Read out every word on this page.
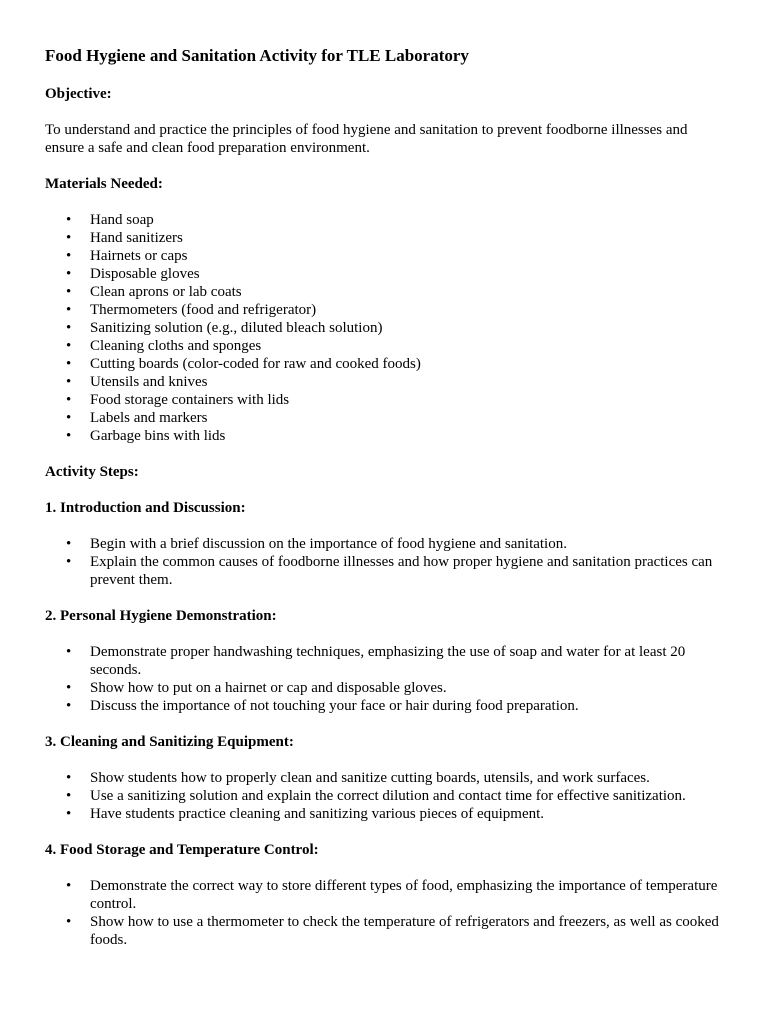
Food Hygiene and Sanitation Activity for TLE Laboratory

Objective:

To understand and practice the principles of food hygiene and sanitation to prevent foodborne illnesses and ensure a safe and clean food preparation environment.

Materials Needed:

• Hand soap
• Hand sanitizers
• Hairnets or caps
• Disposable gloves
• Clean aprons or lab coats
• Thermometers (food and refrigerator)
• Sanitizing solution (e.g., diluted bleach solution)
• Cleaning cloths and sponges
• Cutting boards (color-coded for raw and cooked foods)
• Utensils and knives
• Food storage containers with lids
• Labels and markers
• Garbage bins with lids

Activity Steps:

1. Introduction and Discussion:

• Begin with a brief discussion on the importance of food hygiene and sanitation.
• Explain the common causes of foodborne illnesses and how proper hygiene and sanitation practices can prevent them.

2. Personal Hygiene Demonstration:

• Demonstrate proper handwashing techniques, emphasizing the use of soap and water for at least 20 seconds.
• Show how to put on a hairnet or cap and disposable gloves.
• Discuss the importance of not touching your face or hair during food preparation.

3. Cleaning and Sanitizing Equipment:

• Show students how to properly clean and sanitize cutting boards, utensils, and work surfaces.
• Use a sanitizing solution and explain the correct dilution and contact time for effective sanitization.
• Have students practice cleaning and sanitizing various pieces of equipment.

4. Food Storage and Temperature Control:

• Demonstrate the correct way to store different types of food, emphasizing the importance of temperature control.
• Show how to use a thermometer to check the temperature of refrigerators and freezers, as well as cooked foods.
